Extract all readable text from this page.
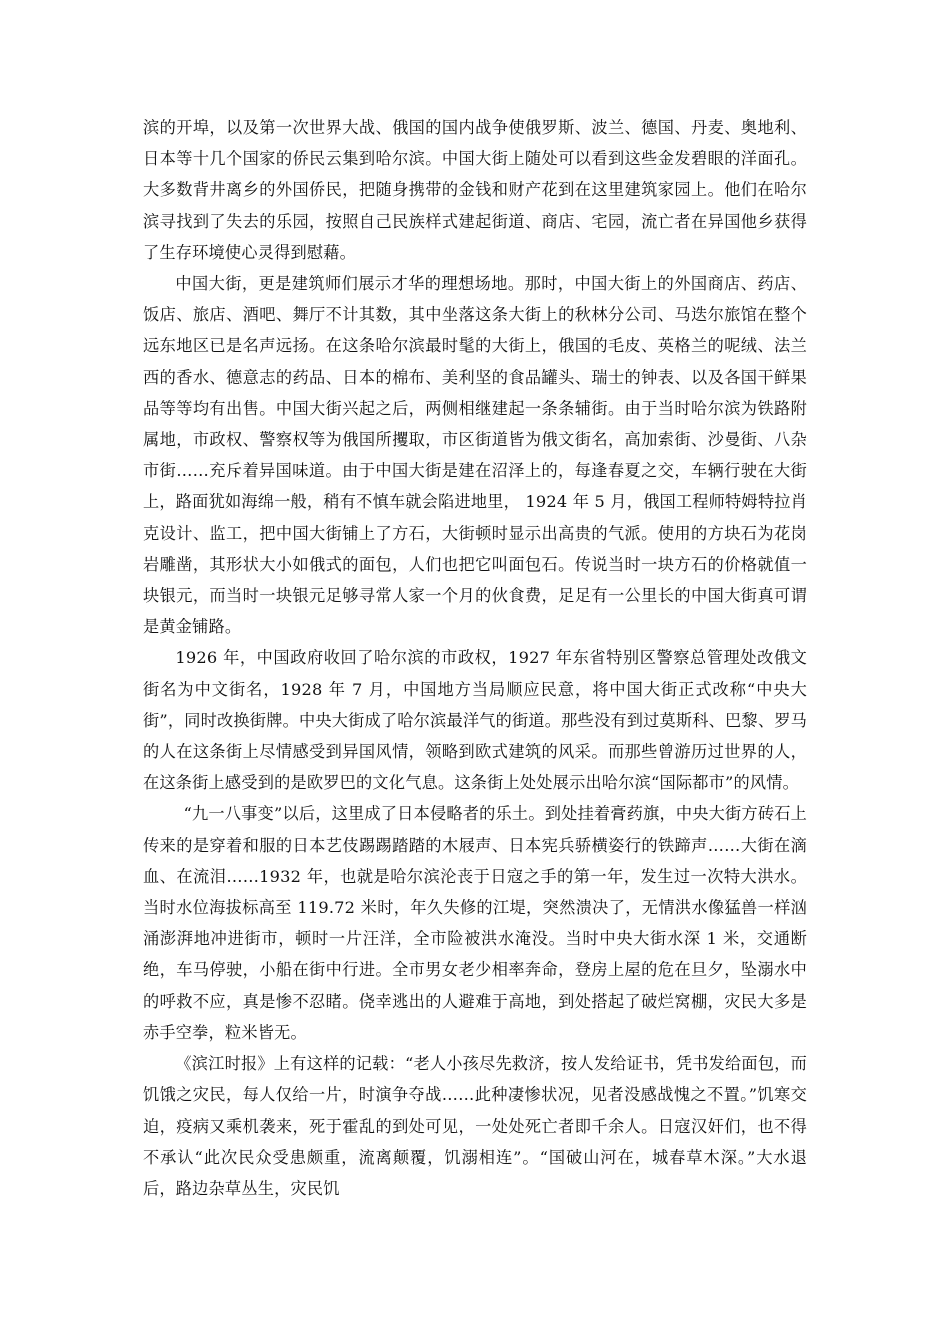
滨的开埠，以及第一次世界大战、俄国的国内战争使俄罗斯、波兰、德国、丹麦、奥地利、日本等十几个国家的侨民云集到哈尔滨。中国大街上随处可以看到这些金发碧眼的洋面孔。大多数背井离乡的外国侨民，把随身携带的金钱和财产花到在这里建筑家园上。他们在哈尔滨寻找到了失去的乐园，按照自己民族样式建起街道、商店、宅园，流亡者在异国他乡获得了生存环境使心灵得到慰藉。

中国大街，更是建筑师们展示才华的理想场地。那时，中国大街上的外国商店、药店、饭店、旅店、酒吧、舞厅不计其数，其中坐落这条大街上的秋林分公司、马迭尔旅馆在整个远东地区已是名声远扬。在这条哈尔滨最时髦的大街上，俄国的毛皮、英格兰的呢绒、法兰西的香水、德意志的药品、日本的棉布、美利坚的食品罐头、瑞士的钟表、以及各国干鲜果品等等均有出售。中国大街兴起之后，两侧相继建起一条条辅街。由于当时哈尔滨为铁路附属地，市政权、警察权等为俄国所攫取，市区街道皆为俄文街名，高加索街、沙曼街、八杂市街……充斥着异国味道。由于中国大街是建在沼泽上的，每逢春夏之交，车辆行驶在大街上，路面犹如海绵一般，稍有不慎车就会陷进地里， 1924 年 5 月，俄国工程师特姆特拉肖克设计、监工，把中国大街铺上了方石，大街顿时显示出高贵的气派。使用的方块石为花岗岩雕凿，其形状大小如俄式的面包，人们也把它叫面包石。传说当时一块方石的价格就值一块银元，而当时一块银元足够寻常人家一个月的伙食费，足足有一公里长的中国大街真可谓是黄金铺路。

1926 年，中国政府收回了哈尔滨的市政权，1927 年东省特别区警察总管理处改俄文街名为中文街名，1928 年 7 月，中国地方当局顺应民意，将中国大街正式改称“中央大街”，同时改换街牌。中央大街成了哈尔滨最洋气的街道。那些没有到过莫斯科、巴黎、罗马的人在这条街上尽情感受到异国风情，领略到欧式建筑的风采。而那些曾游历过世界的人，在这条街上感受到的是欧罗巴的文化气息。这条街上处处展示出哈尔滨“国际都市”的风情。

“九一八事变”以后，这里成了日本侵略者的乐土。到处挂着膏药旗，中央大街方砖石上传来的是穿着和服的日本艺伎踢踢踏踏的木屐声、日本宪兵骄横姿行的铁蹄声……大街在滴血、在流泪……1932 年，也就是哈尔滨沦丧于日寇之手的第一年，发生过一次特大洪水。当时水位海拔标高至 119.72 米时，年久失修的江堤，突然溃决了，无情洪水像猛兽一样汹涌澎湃地冲进街市，顿时一片汪洋，全市险被洪水淹没。当时中央大街水深 1 米，交通断绝，车马停驶，小船在街中行进。全市男女老少相率奔命，登房上屋的危在旦夕，坠溺水中的呼救不应，真是惨不忍睹。侥幸逃出的人避难于高地，到处搭起了破烂窝棚，灾民大多是赤手空拳，粒米皆无。

《滨江时报》上有这样的记载：“老人小孩尽先救济，按人发给证书，凭书发给面包，而饥饿之灾民，每人仅给一片，时演争夺战……此种凄惨状况，见者没感战愧之不置。”饥寒交迫，疫病又乘机袭来，死于霍乱的到处可见，一处处死亡者即千余人。日寇汉奸们，也不得不承认“此次民众受患颇重，流离颠覆，饥溺相连”。“国破山河在，城春草木深。”大水退后，路边杂草丛生，灾民饥
